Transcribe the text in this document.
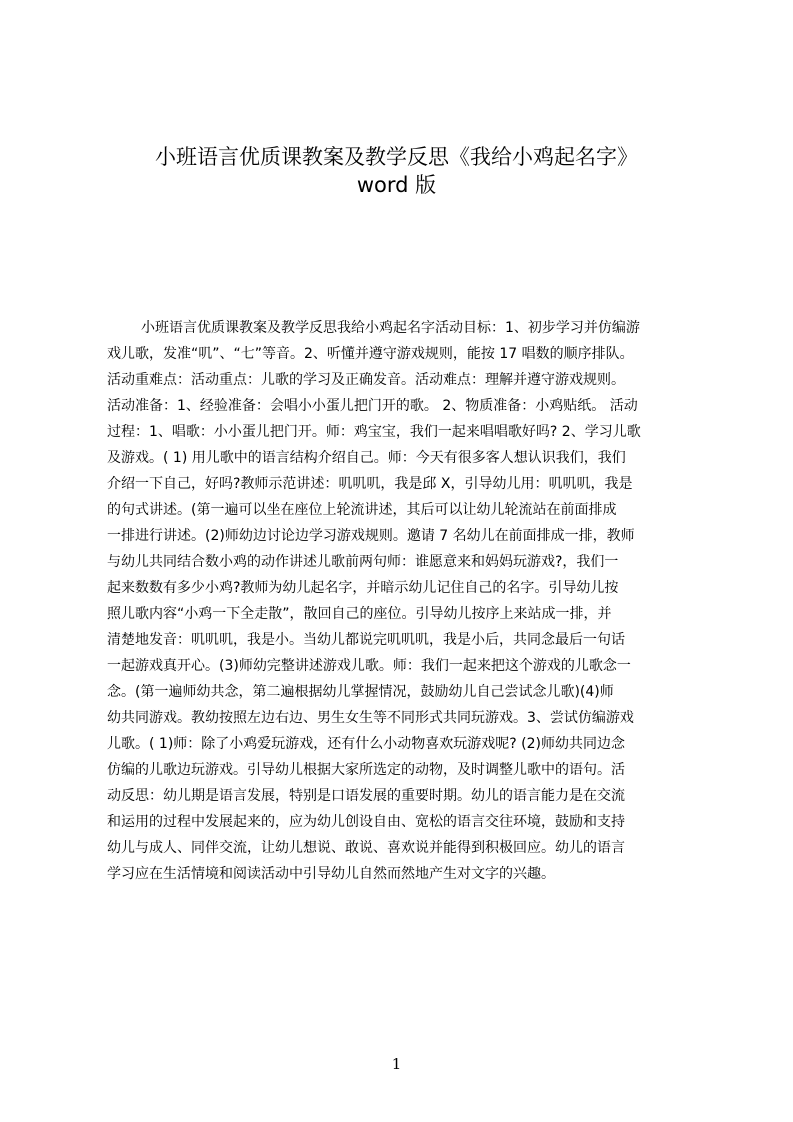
小班语言优质课教案及教学反思《我给小鸡起名字》
word 版
小班语言优质课教案及教学反思我给小鸡起名字活动目标：1、初步学习并仿编游
戏儿歌，发准“叽”、“七”等音。2、听懂并遵守游戏规则，能按 17 唱数的顺序排队。
活动重难点：活动重点：儿歌的学习及正确发音。活动难点：理解并遵守游戏规则。
活动准备：1、经验准备：会唱小小蛋儿把门开的歌。 2、物质准备：小鸡贴纸。 活动
过程：1、唱歌：小小蛋儿把门开。师：鸡宝宝，我们一起来唱唱歌好吗? 2、学习儿歌
及游戏。( 1) 用儿歌中的语言结构介绍自己。师：今天有很多客人想认识我们，我们
介绍一下自己，好吗?教师示范讲述：叽叽叽，我是邱 X，引导幼儿用：叽叽叽，我是
的句式讲述。(第一遍可以坐在座位上轮流讲述，其后可以让幼儿轮流站在前面排成
一排进行讲述。(2)师幼边讨论边学习游戏规则。邀请 7 名幼儿在前面排成一排，教师
与幼儿共同结合数小鸡的动作讲述儿歌前两句师：谁愿意来和妈妈玩游戏?，我们一
起来数数有多少小鸡?教师为幼儿起名字，并暗示幼儿记住自己的名字。引导幼儿按
照儿歌内容“小鸡一下全走散”，散回自己的座位。引导幼儿按序上来站成一排，并
清楚地发音：叽叽叽，我是小。当幼儿都说完叽叽叽，我是小后，共同念最后一句话
一起游戏真开心。(3)师幼完整讲述游戏儿歌。师：我们一起来把这个游戏的儿歌念一
念。(第一遍师幼共念，第二遍根据幼儿掌握情况，鼓励幼儿自己尝试念儿歌)(4)师
幼共同游戏。教幼按照左边右边、男生女生等不同形式共同玩游戏。3、尝试仿编游戏
儿歌。( 1)师：除了小鸡爱玩游戏，还有什么小动物喜欢玩游戏呢? (2)师幼共同边念
仿编的儿歌边玩游戏。引导幼儿根据大家所选定的动物，及时调整儿歌中的语句。活
动反思：幼儿期是语言发展，特别是口语发展的重要时期。幼儿的语言能力是在交流
和运用的过程中发展起来的，应为幼儿创设自由、宽松的语言交往环境，鼓励和支持
幼儿与成人、同伴交流，让幼儿想说、敢说、喜欢说并能得到积极回应。幼儿的语言
学习应在生活情境和阅读活动中引导幼儿自然而然地产生对文字的兴趣。
1
